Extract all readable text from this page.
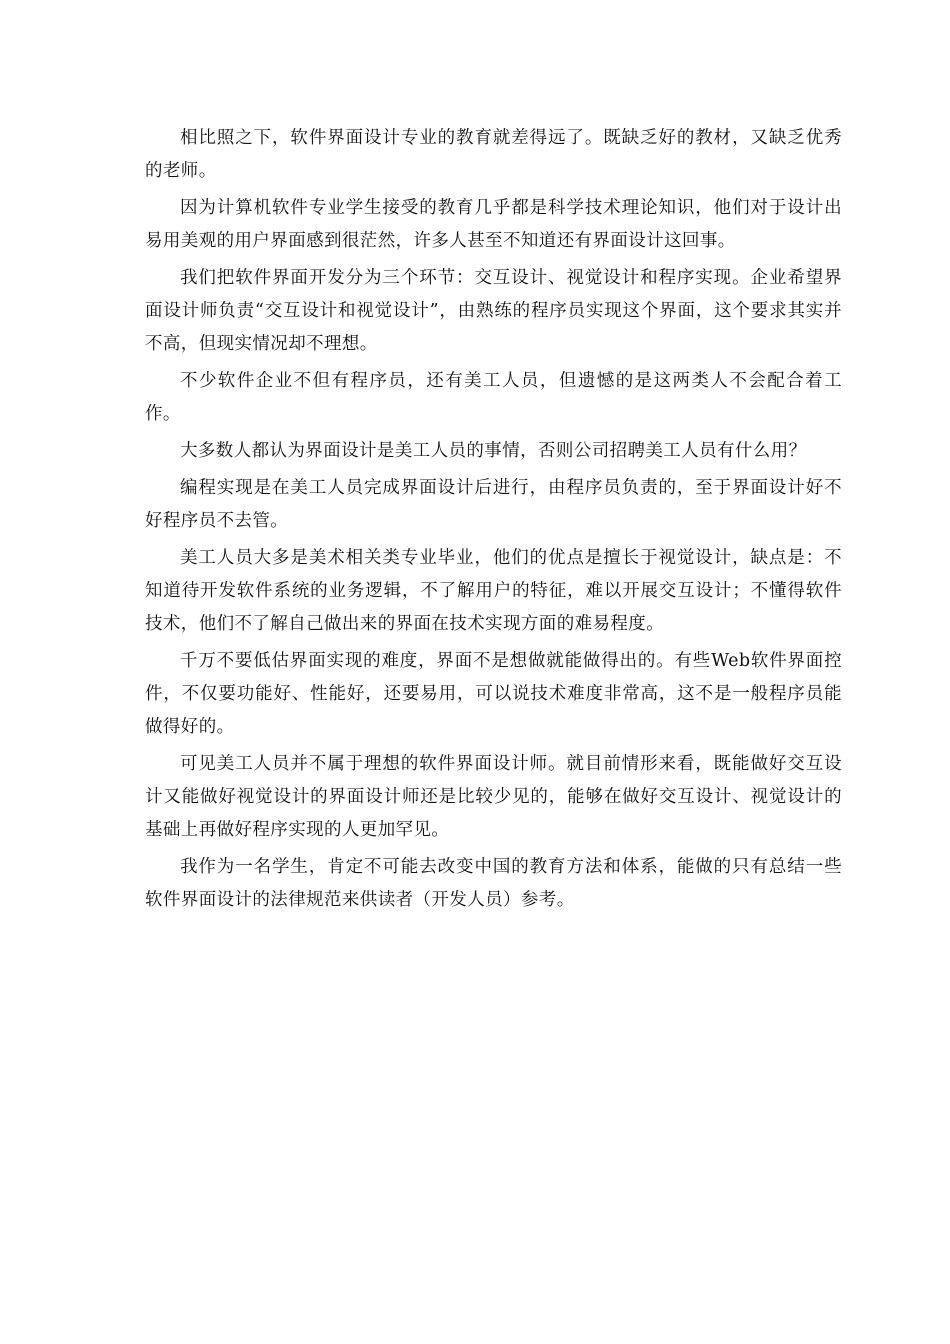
相比照之下，软件界面设计专业的教育就差得远了。既缺乏好的教材，又缺乏优秀的老师。

因为计算机软件专业学生接受的教育几乎都是科学技术理论知识，他们对于设计出易用美观的用户界面感到很茫然，许多人甚至不知道还有界面设计这回事。

我们把软件界面开发分为三个环节：交互设计、视觉设计和程序实现。企业希望界面设计师负责“交互设计和视觉设计”，由熟练的程序员实现这个界面，这个要求其实并不高，但现实情况却不理想。

不少软件企业不但有程序员，还有美工人员，但遗憾的是这两类人不会配合着工作。

大多数人都认为界面设计是美工人员的事情，否则公司招聘美工人员有什么用？

编程实现是在美工人员完成界面设计后进行，由程序员负责的，至于界面设计好不　　好程序员不去管。

美工人员大多是美术相关类专业毕业，他们的优点是擅长于视觉设计，缺点是：不知道待开发软件系统的业务逻辑，不了解用户的特征，难以开展交互设计；不懂得软件技术，他们不了解自己做出来的界面在技术实现方面的难易程度。

千万不要低估界面实现的难度，界面不是想做就能做得出的。有些Web软件界面控件，不仅要功能好、性能好，还要易用，可以说技术难度非常高，这不是一般程序员能做得好的。

可见美工人员并不属于理想的软件界面设计师。就目前情形来看，既能做好交互设计又能做好视觉设计的界面设计师还是比较少见的，能够在做好交互设计、视觉设计的基础上再做好程序实现的人更加罕见。

我作为一名学生，肯定不可能去改变中国的教育方法和体系，能做的只有总结一些软件界面设计的法律规范来供读者（开发人员）参考。
